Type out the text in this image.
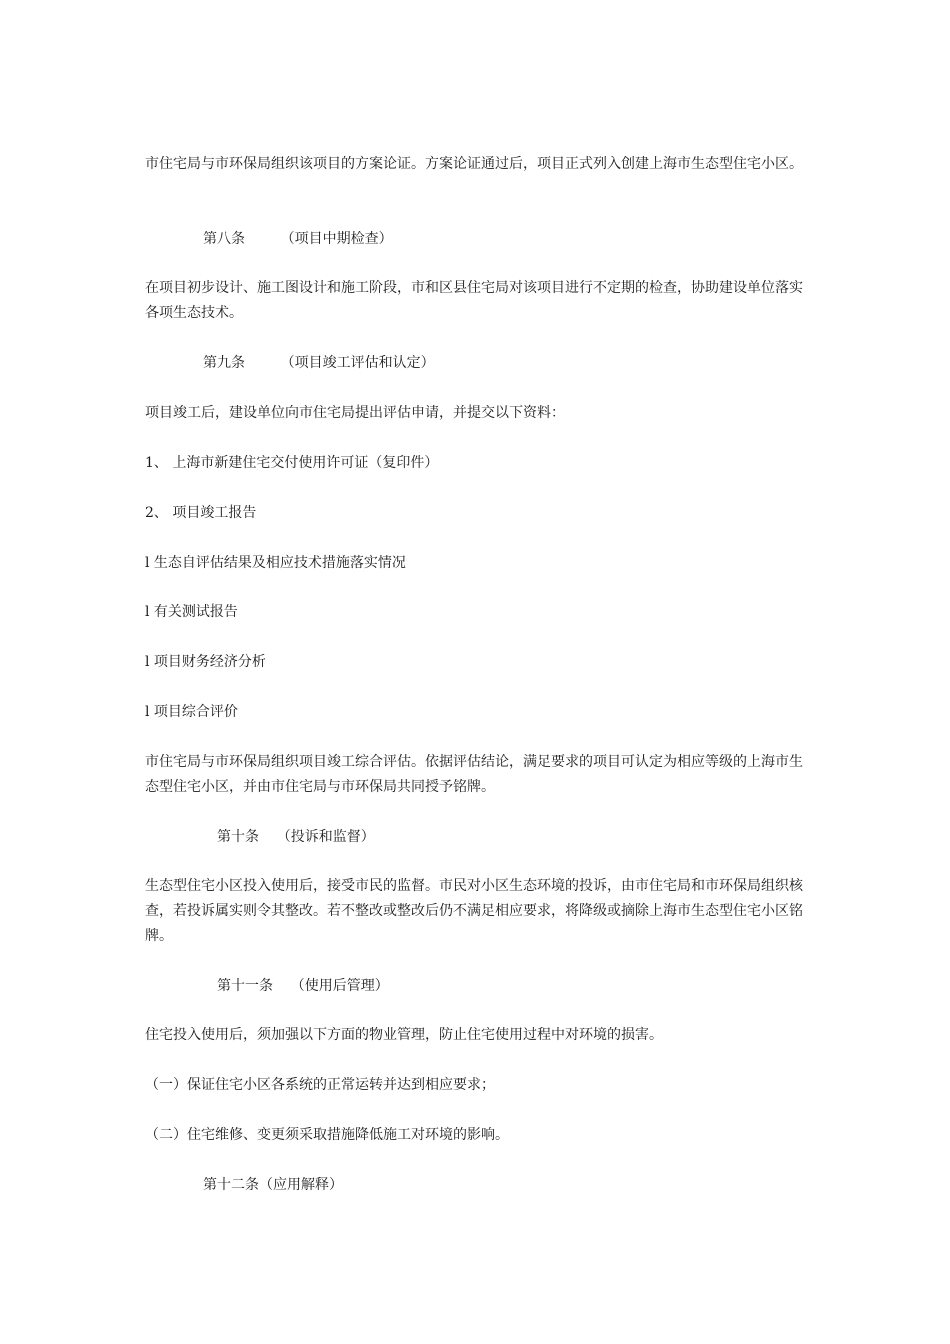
市住宅局与市环保局组织该项目的方案论证。方案论证通过后，项目正式列入创建上海市生态型住宅小区。

第八条        （项目中期检查）

在项目初步设计、施工图设计和施工阶段，市和区县住宅局对该项目进行不定期的检查，协助建设单位落实各项生态技术。

第九条        （项目竣工评估和认定）

项目竣工后，建设单位向市住宅局提出评估申请，并提交以下资料：

1、 上海市新建住宅交付使用许可证（复印件）

2、 项目竣工报告

l 生态自评估结果及相应技术措施落实情况

l 有关测试报告

l 项目财务经济分析

l 项目综合评价

市住宅局与市环保局组织项目竣工综合评估。依据评估结论，满足要求的项目可认定为相应等级的上海市生态型住宅小区，并由市住宅局与市环保局共同授予铭牌。

第十条    （投诉和监督）

生态型住宅小区投入使用后，接受市民的监督。市民对小区生态环境的投诉，由市住宅局和市环保局组织核查，若投诉属实则令其整改。若不整改或整改后仍不满足相应要求，将降级或摘除上海市生态型住宅小区铭牌。

第十一条    （使用后管理）

住宅投入使用后，须加强以下方面的物业管理，防止住宅使用过程中对环境的损害。

（一）保证住宅小区各系统的正常运转并达到相应要求；

（二）住宅维修、变更须采取措施降低施工对环境的影响。

第十二条（应用解释）
